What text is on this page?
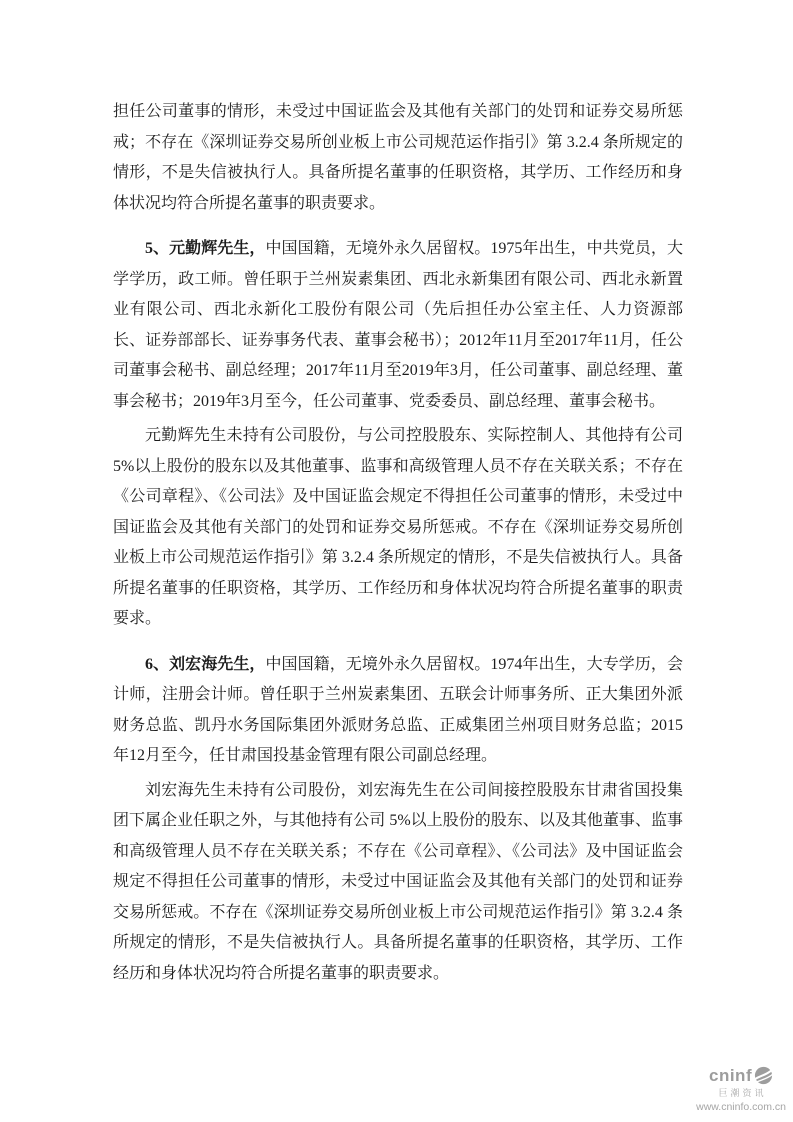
担任公司董事的情形，未受过中国证监会及其他有关部门的处罚和证券交易所惩戒；不存在《深圳证券交易所创业板上市公司规范运作指引》第 3.2.4 条所规定的情形，不是失信被执行人。具备所提名董事的任职资格，其学历、工作经历和身体状况均符合所提名董事的职责要求。

5、元勤辉先生，中国国籍，无境外永久居留权。1975年出生，中共党员，大学学历，政工师。曾任职于兰州炭素集团、西北永新集团有限公司、西北永新置业有限公司、西北永新化工股份有限公司（先后担任办公室主任、人力资源部长、证券部部长、证券事务代表、董事会秘书）；2012年11月至2017年11月，任公司董事会秘书、副总经理；2017年11月至2019年3月，任公司董事、副总经理、董事会秘书；2019年3月至今，任公司董事、党委委员、副总经理、董事会秘书。

元勤辉先生未持有公司股份，与公司控股股东、实际控制人、其他持有公司 5%以上股份的股东以及其他董事、监事和高级管理人员不存在关联关系；不存在《公司章程》、《公司法》及中国证监会规定不得担任公司董事的情形，未受过中国证监会及其他有关部门的处罚和证券交易所惩戒。不存在《深圳证券交易所创业板上市公司规范运作指引》第 3.2.4 条所规定的情形，不是失信被执行人。具备所提名董事的任职资格，其学历、工作经历和身体状况均符合所提名董事的职责要求。

6、刘宏海先生，中国国籍，无境外永久居留权。1974年出生，大专学历，会计师，注册会计师。曾任职于兰州炭素集团、五联会计师事务所、正大集团外派财务总监、凯丹水务国际集团外派财务总监、正威集团兰州项目财务总监；2015年12月至今，任甘肃国投基金管理有限公司副总经理。

刘宏海先生未持有公司股份，刘宏海先生在公司间接控股股东甘肃省国投集团下属企业任职之外，与其他持有公司 5%以上股份的股东、以及其他董事、监事和高级管理人员不存在关联关系；不存在《公司章程》、《公司法》及中国证监会规定不得担任公司董事的情形，未受过中国证监会及其他有关部门的处罚和证券交易所惩戒。不存在《深圳证券交易所创业板上市公司规范运作指引》第 3.2.4 条所规定的情形，不是失信被执行人。具备所提名董事的任职资格，其学历、工作经历和身体状况均符合所提名董事的职责要求。

cninf
巨潮资讯
www.cninfo.com.cn
